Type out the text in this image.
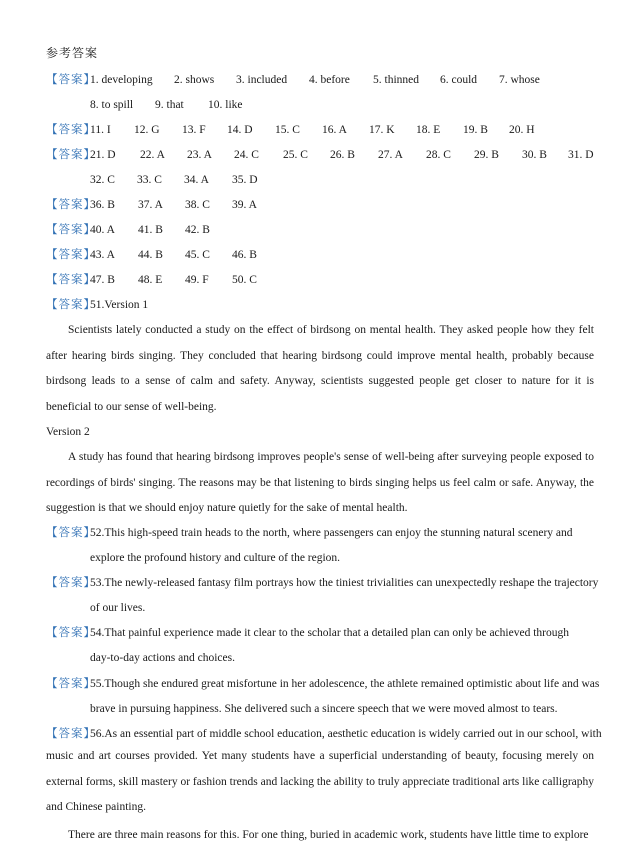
参考答案
【答案】
1. developing 2. shows 3. included 4. before 5. thinned 6. could 7. whose
8. to spill 9. that 10. like
【答案】
11. I 12. G 13. F 14. D 15. C 16. A 17. K 18. E 19. B 20. H
【答案】
21. D 22. A 23. A 24. C 25. C 26. B 27. A 28. C 29. B 30. B 31. D
32. C 33. C 34. A 35. D
【答案】
36. B 37. A 38. C 39. A
【答案】
40. A 41. B 42. B
【答案】
43. A 44. B 45. C 46. B
【答案】
47. B 48. E 49. F 50. C
【答案】
51.Version 1

Scientists lately conducted a study on the effect of birdsong on mental health. They asked people how they felt after hearing birds singing. They concluded that hearing birdsong could improve mental health, probably because birdsong leads to a sense of calm and safety. Anyway, scientists suggested people get closer to nature for it is beneficial to our sense of well-being.

Version 2

A study has found that hearing birdsong improves people's sense of well-being after surveying people exposed to recordings of birds' singing. The reasons may be that listening to birds singing helps us feel calm or safe. Anyway, the suggestion is that we should enjoy nature quietly for the sake of mental health.

【答案】
52.This high-speed train heads to the north, where passengers can enjoy the stunning natural scenery and
explore the profound history and culture of the region.
【答案】
53.The newly-released fantasy film portrays how the tiniest trivialities can unexpectedly reshape the trajectory
of our lives.
【答案】
54.That painful experience made it clear to the scholar that a detailed plan can only be achieved through
day-to-day actions and choices.
【答案】
55.Though she endured great misfortune in her adolescence, the athlete remained optimistic about life and was
brave in pursuing happiness. She delivered such a sincere speech that we were moved almost to tears.
【答案】
56.As an essential part of middle school education, aesthetic education is widely carried out in our school, with

music and art courses provided. Yet many students have a superficial understanding of beauty, focusing merely on external forms, skill mastery or fashion trends and lacking the ability to truly appreciate traditional arts like calligraphy and Chinese painting.

There are three main reasons for this. For one thing, buried in academic work, students have little time to explore
